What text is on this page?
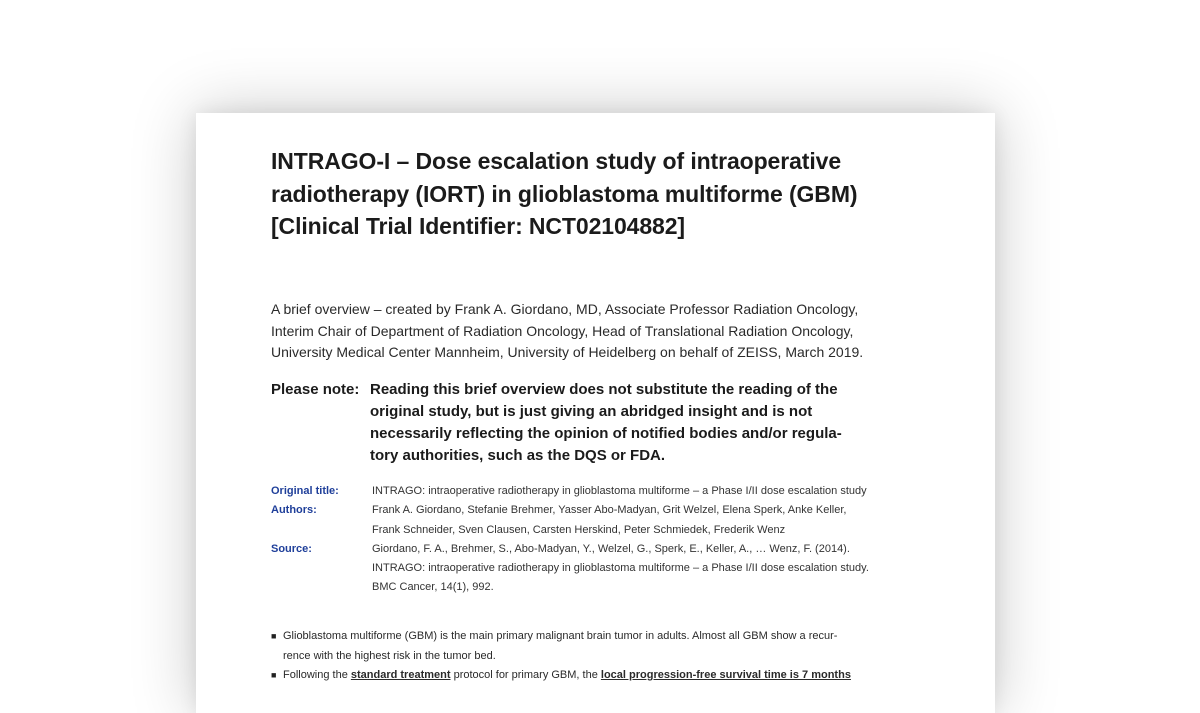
INTRAGO-I – Dose escalation study of intraoperative
radiotherapy (IORT) in glioblastoma multiforme (GBM)
[Clinical Trial Identifier: NCT02104882]
A brief overview – created by Frank A. Giordano, MD, Associate Professor Radiation Oncology,
Interim Chair of Department of Radiation Oncology, Head of Translational Radiation Oncology,
University Medical Center Mannheim, University of Heidelberg on behalf of ZEISS, March 2019.
Please note: Reading this brief overview does not substitute the reading of the
original study, but is just giving an abridged insight and is not
necessarily reflecting the opinion of notified bodies and/or regula-
tory authorities, such as the DQS or FDA.
Original title:	INTRAGO: intraoperative radiotherapy in glioblastoma multiforme – a Phase I/II dose escalation study
Authors:	Frank A. Giordano, Stefanie Brehmer, Yasser Abo-Madyan, Grit Welzel, Elena Sperk, Anke Keller,
Frank Schneider, Sven Clausen, Carsten Herskind, Peter Schmiedek, Frederik Wenz
Source:	Giordano, F. A., Brehmer, S., Abo-Madyan, Y., Welzel, G., Sperk, E., Keller, A., … Wenz, F. (2014).
INTRAGO: intraoperative radiotherapy in glioblastoma multiforme – a Phase I/II dose escalation study.
BMC Cancer, 14(1), 992.
■ Glioblastoma multiforme (GBM) is the main primary malignant brain tumor in adults. Almost all GBM show a recur-
rence with the highest risk in the tumor bed.
■ Following the standard treatment protocol for primary GBM, the local progression-free survival time is 7 months
